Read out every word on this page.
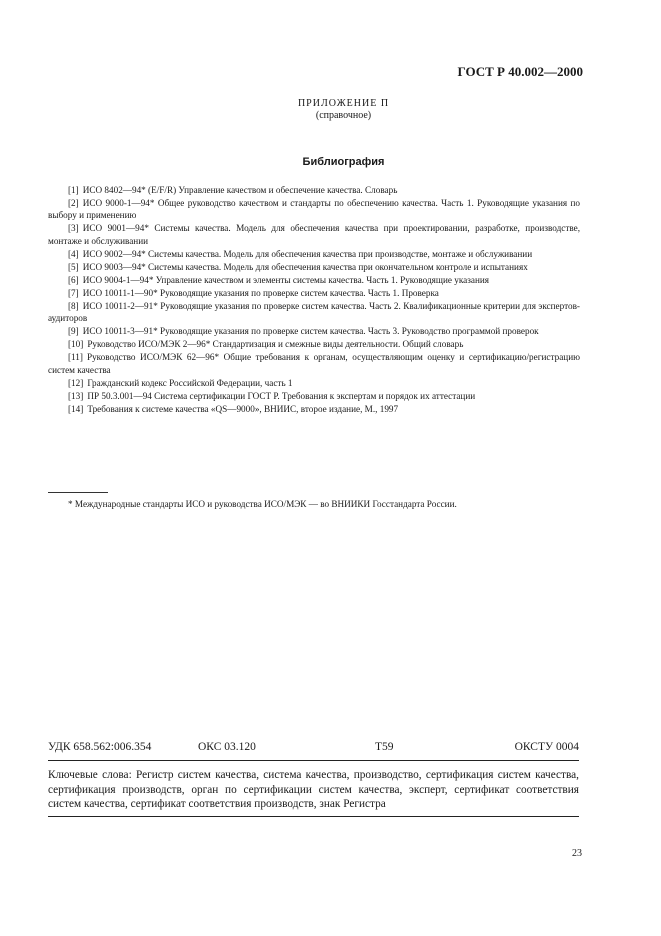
ГОСТ Р 40.002—2000
ПРИЛОЖЕНИЕ П
(справочное)
Библиография

[1] ИСО 8402—94* (E/F/R) Управление качеством и обеспечение качества. Словарь

[2] ИСО 9000-1—94* Общее руководство качеством и стандарты по обеспечению качества. Часть 1. Руководящие указания по выбору и применению

[3] ИСО 9001—94* Системы качества. Модель для обеспечения качества при проектировании, разработке, производстве, монтаже и обслуживании

[4] ИСО 9002—94* Системы качества. Модель для обеспечения качества при производстве, монтаже и обслуживании

[5] ИСО 9003—94* Системы качества. Модель для обеспечения качества при окончательном контроле и испытаниях

[6] ИСО 9004-1—94* Управление качеством и элементы системы качества. Часть 1. Руководящие указания

[7] ИСО 10011-1—90* Руководящие указания по проверке систем качества. Часть 1. Проверка

[8] ИСО 10011-2—91* Руководящие указания по проверке систем качества. Часть 2. Квалификационные критерии для экспертов-аудиторов

[9] ИСО 10011-3—91* Руководящие указания по проверке систем качества. Часть 3. Руководство программой проверок

[10] Руководство ИСО/МЭК 2—96* Стандартизация и смежные виды деятельности. Общий словарь

[11] Руководство ИСО/МЭК 62—96* Общие требования к органам, осуществляющим оценку и сертификацию/регистрацию систем качества

[12] Гражданский кодекс Российской Федерации, часть 1

[13] ПР 50.3.001—94 Система сертификации ГОСТ Р. Требования к экспертам и порядок их аттестации

[14] Требования к системе качества «QS—9000», ВНИИС, второе издание, М., 1997

* Международные стандарты ИСО и руководства ИСО/МЭК — во ВНИИКИ Госстандарта России.
УДК 658.562:006.354	ОКС 03.120	Т59	ОКСТУ 0004
Ключевые слова: Регистр систем качества, система качества, производство, сертификация систем качества, сертификация производств, орган по сертификации систем качества, эксперт, сертификат соответствия систем качества, сертификат соответствия производств, знак Регистра
23
